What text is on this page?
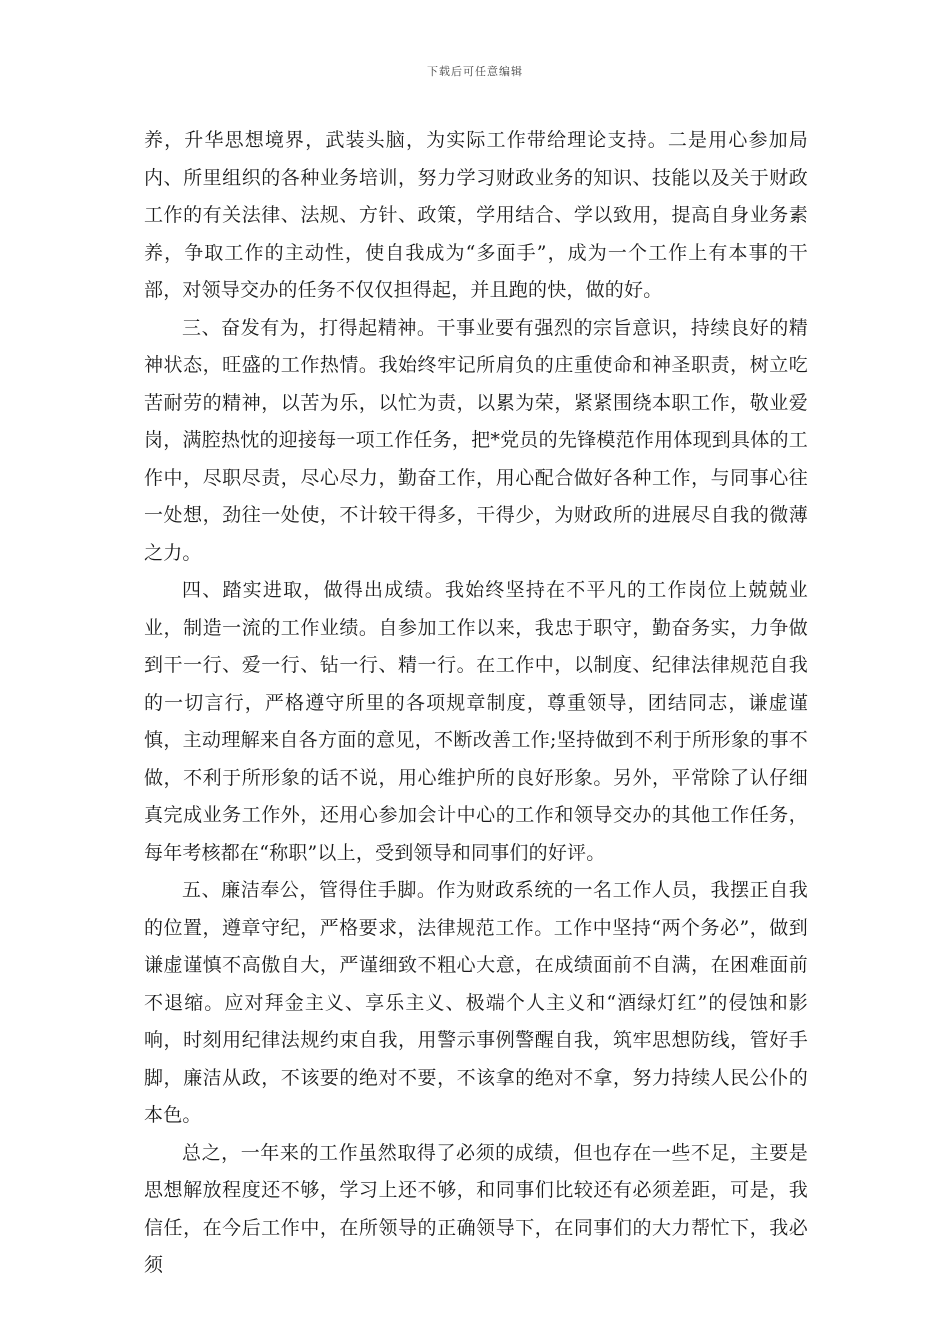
下载后可任意编辑

养，升华思想境界，武装头脑，为实际工作带给理论支持。二是用心参加局内、所里组织的各种业务培训，努力学习财政业务的知识、技能以及关于财政工作的有关法律、法规、方针、政策，学用结合、学以致用，提高自身业务素养，争取工作的主动性，使自我成为“多面手”，成为一个工作上有本事的干部，对领导交办的任务不仅仅担得起，并且跑的快，做的好。

三、奋发有为，打得起精神。干事业要有强烈的宗旨意识，持续良好的精神状态，旺盛的工作热情。我始终牢记所肩负的庄重使命和神圣职责，树立吃苦耐劳的精神，以苦为乐，以忙为责，以累为荣，紧紧围绕本职工作，敬业爱岗，满腔热忱的迎接每一项工作任务，把*党员的先锋模范作用体现到具体的工作中，尽职尽责，尽心尽力，勤奋工作，用心配合做好各种工作，与同事心往一处想，劲往一处使，不计较干得多，干得少，为财政所的进展尽自我的微薄之力。

四、踏实进取，做得出成绩。我始终坚持在不平凡的工作岗位上兢兢业业，制造一流的工作业绩。自参加工作以来，我忠于职守，勤奋务实，力争做到干一行、爱一行、钻一行、精一行。在工作中，以制度、纪律法律规范自我的一切言行，严格遵守所里的各项规章制度，尊重领导，团结同志，谦虚谨慎，主动理解来自各方面的意见，不断改善工作;坚持做到不利于所形象的事不做，不利于所形象的话不说，用心维护所的良好形象。另外，平常除了认仔细真完成业务工作外，还用心参加会计中心的工作和领导交办的其他工作任务，每年考核都在“称职”以上，受到领导和同事们的好评。

五、廉洁奉公，管得住手脚。作为财政系统的一名工作人员，我摆正自我的位置，遵章守纪，严格要求，法律规范工作。工作中坚持“两个务必”，做到谦虚谨慎不高傲自大，严谨细致不粗心大意，在成绩面前不自满，在困难面前不退缩。应对拜金主义、享乐主义、极端个人主义和“酒绿灯红”的侵蚀和影响，时刻用纪律法规约束自我，用警示事例警醒自我，筑牢思想防线，管好手脚，廉洁从政，不该要的绝对不要，不该拿的绝对不拿，努力持续人民公仆的本色。

总之，一年来的工作虽然取得了必须的成绩，但也存在一些不足，主要是思想解放程度还不够，学习上还不够，和同事们比较还有必须差距，可是，我信任，在今后工作中，在所领导的正确领导下，在同事们的大力帮忙下，我必须
